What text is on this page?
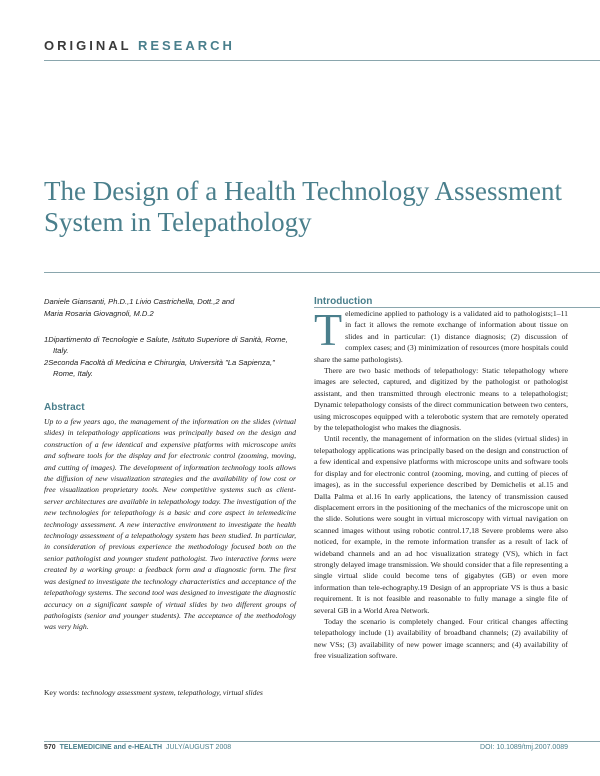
ORIGINAL RESEARCH
The Design of a Health Technology Assessment System in Telepathology
Daniele Giansanti, Ph.D.,1 Livio Castrichella, Dott.,2 and
Maria Rosaria Giovagnoli, M.D.2

1Dipartimento di Tecnologie e Salute, Istituto Superiore di Sanità, Rome, Italy.

2Seconda Facoltà di Medicina e Chirurgia, Università "La Sapienza," Rome, Italy.

Abstract

Up to a few years ago, the management of the information on the slides (virtual slides) in telepathology applications was principally based on the design and construction of a few identical and expensive platforms with microscope units and software tools for the display and for electronic control (zooming, moving, and cutting of images). The development of information technology tools allows the diffusion of new visualization strategies and the availability of low cost or free visualization proprietary tools. New competitive systems such as client-server architectures are available in telepathology today. The investigation of the new technologies for telepathology is a basic and core aspect in telemedicine technology assessment. A new interactive environment to investigate the health technology assessment of a telepathology system has been studied. In particular, in consideration of previous experience the methodology focused both on the senior pathologist and younger student pathologist. Two interactive forms were created by a working group: a feedback form and a diagnostic form. The first was designed to investigate the technology characteristics and acceptance of the telepathology systems. The second tool was designed to investigate the diagnostic accuracy on a significant sample of virtual slides by two different groups of pathologists (senior and younger students). The acceptance of the methodology was very high.

Key words: technology assessment system, telepathology, virtual slides

Introduction

Telemedicine applied to pathology is a validated aid to pathologists;1–11 in fact it allows the remote exchange of information about tissue on slides and in particular: (1) distance diagnosis; (2) discussion of complex cases; and (3) minimization of resources (more hospitals could share the same pathologists).

There are two basic methods of telepathology: Static telepathology where images are selected, captured, and digitized by the pathologist or pathologist assistant, and then transmitted through electronic means to a telepathologist; Dynamic telepathology consists of the direct communication between two centers, using microscopes equipped with a telerobotic system that are remotely operated by the telepathologist who makes the diagnosis.

Until recently, the management of information on the slides (virtual slides) in telepathology applications was principally based on the design and construction of a few identical and expensive platforms with microscope units and software tools for display and for electronic control (zooming, moving, and cutting of pieces of images), as in the successful experience described by Demichelis et al.15 and Dalla Palma et al.16 In early applications, the latency of transmission caused displacement errors in the positioning of the mechanics of the microscope unit on the slide. Solutions were sought in virtual microscopy with virtual navigation on scanned images without using robotic control.17,18 Severe problems were also noticed, for example, in the remote information transfer as a result of lack of wideband channels and an ad hoc visualization strategy (VS), which in fact strongly delayed image transmission. We should consider that a file representing a single virtual slide could become tens of gigabytes (GB) or even more information than tele-echography.19 Design of an appropriate VS is thus a basic requirement. It is not feasible and reasonable to fully manage a single file of several GB in a World Area Network.

Today the scenario is completely changed. Four critical changes affecting telepathology include (1) availability of broadband channels; (2) availability of new VSs; (3) availability of new power image scanners; and (4) availability of free visualization software.

570 TELEMEDICINE and e-HEALTH JULY/AUGUST 2008	DOI: 10.1089/tmj.2007.0089
